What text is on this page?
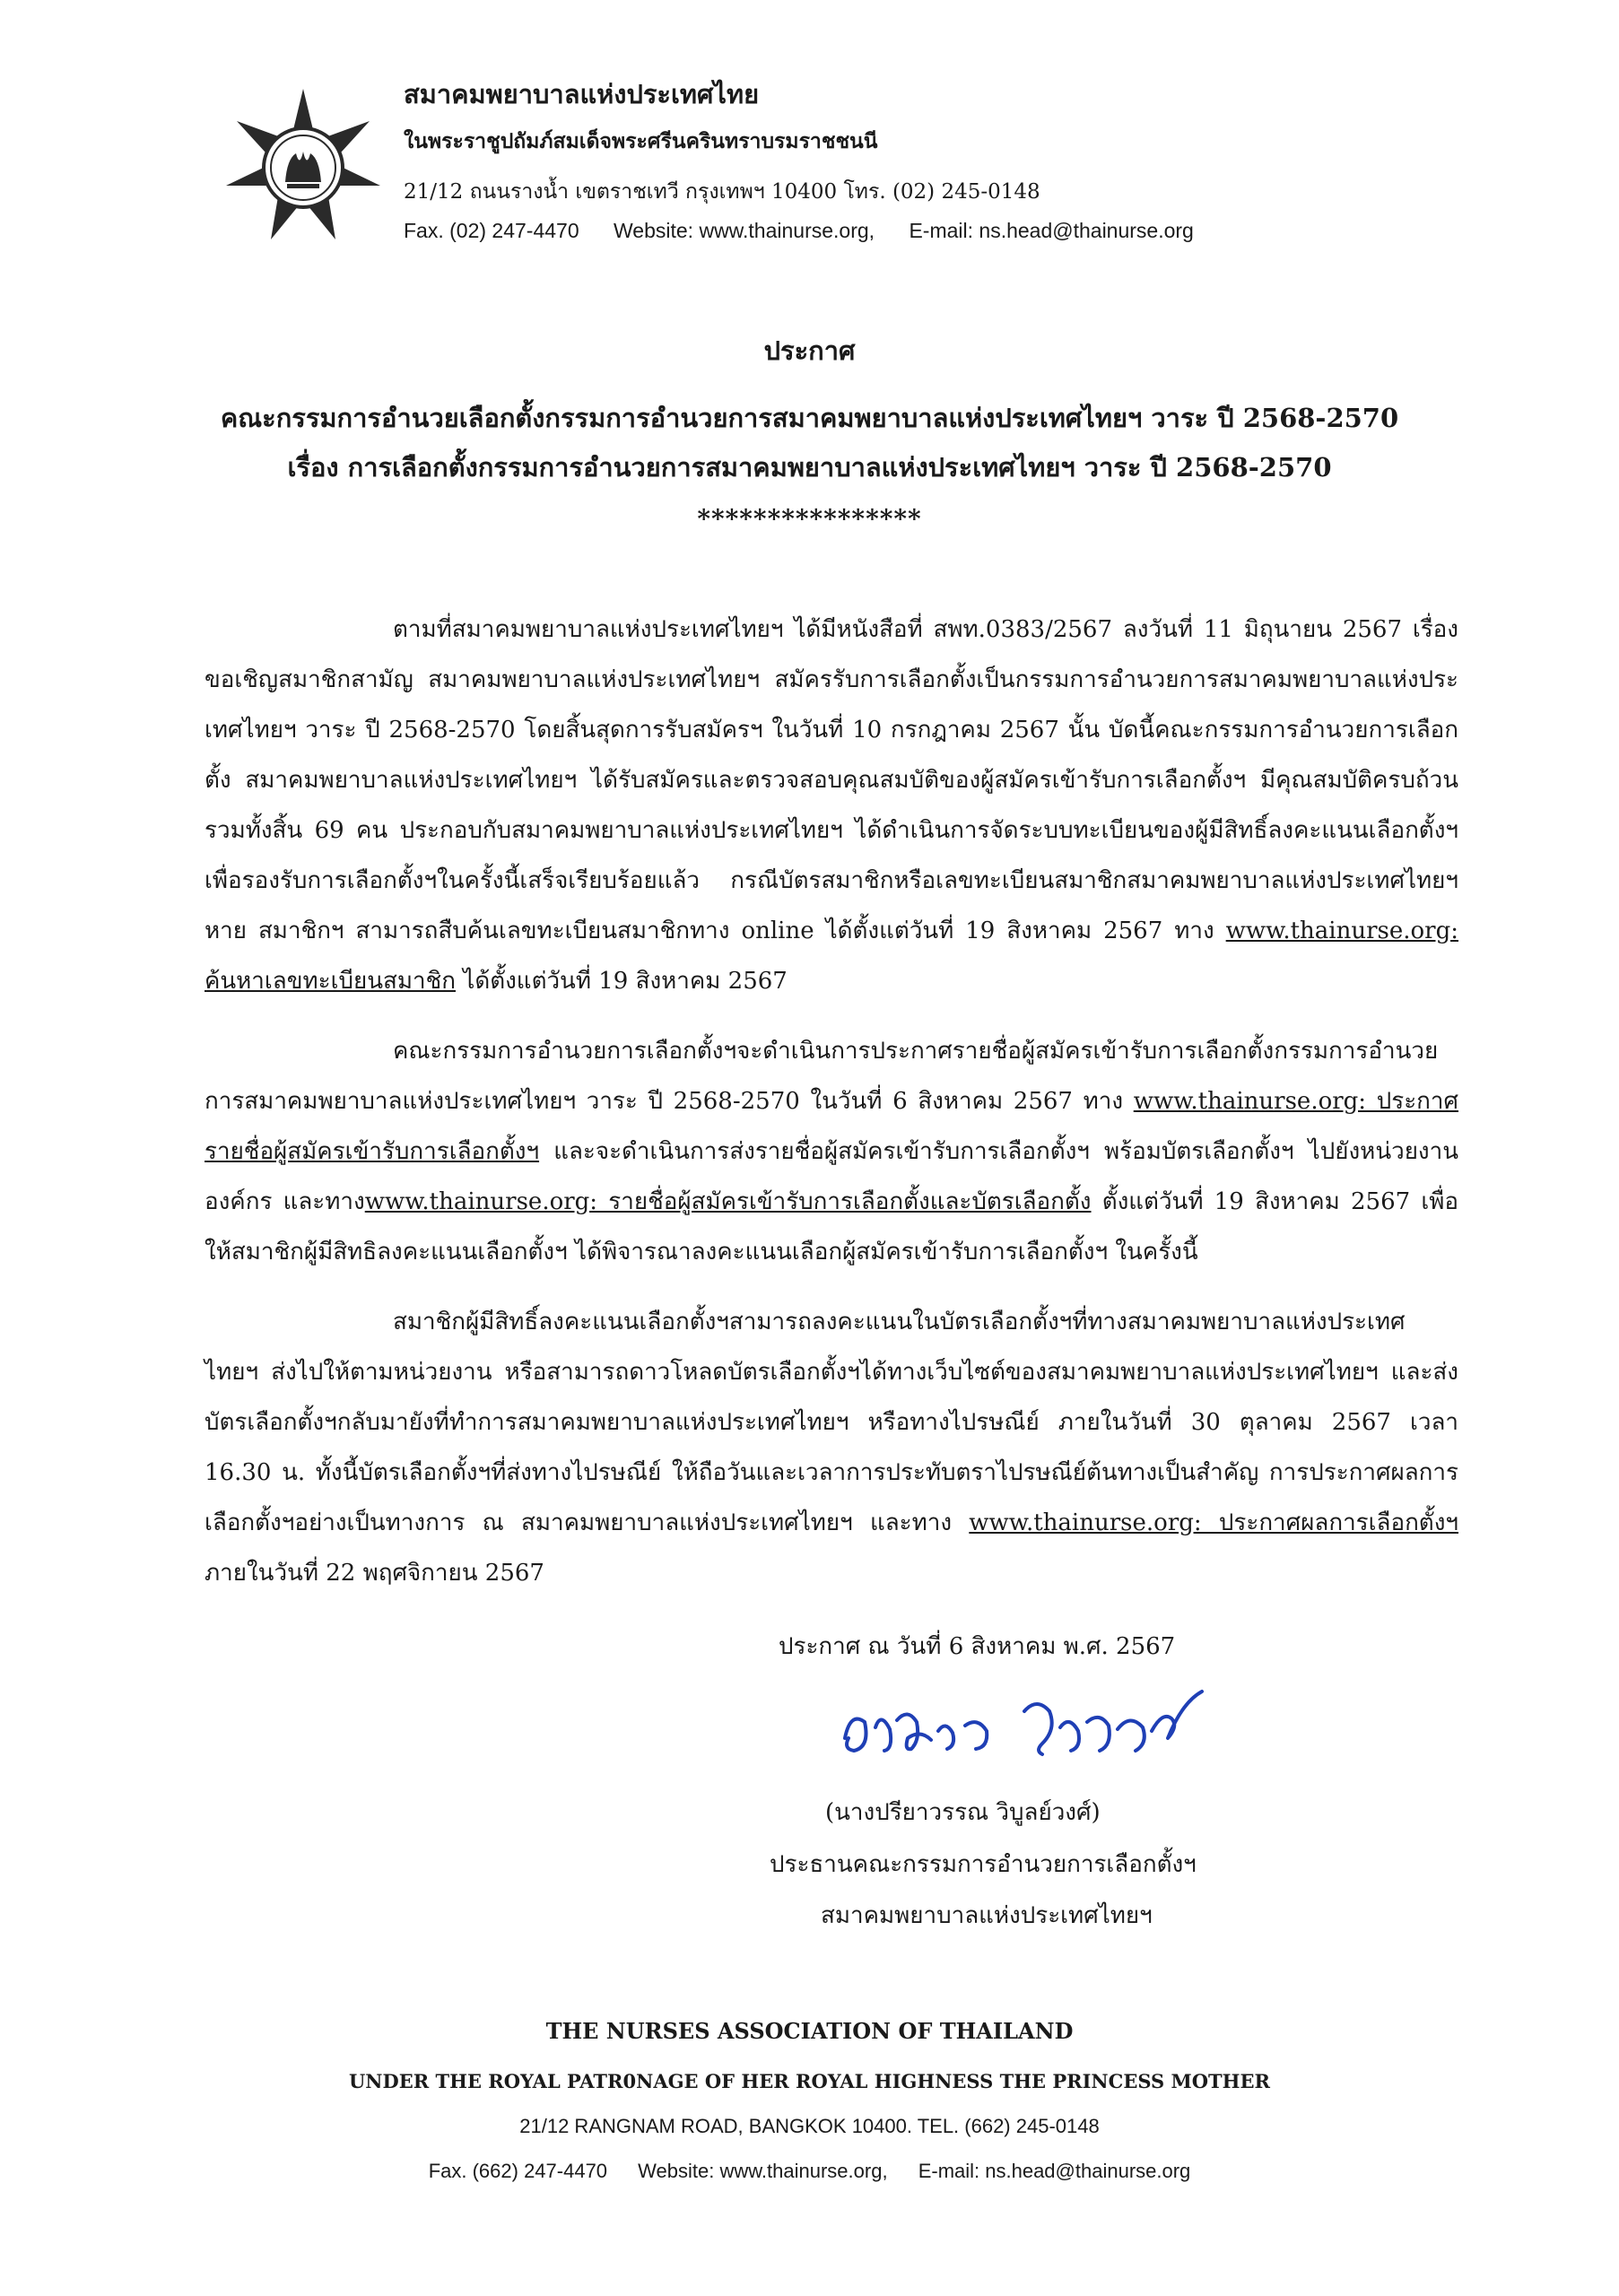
สมาคมพยาบาลแห่งประเทศไทย
ในพระราชูปถัมภ์สมเด็จพระศรีนครินทราบรมราชชนนี
21/12 ถนนรางน้ำ เขตราชเทวี กรุงเทพฯ 10400 โทร. (02) 245-0148
Fax. (02) 247-4470 Website: www.thainurse.org, E-mail: ns.head@thainurse.org
ประกาศ
คณะกรรมการอำนวยเลือกตั้งกรรมการอำนวยการสมาคมพยาบาลแห่งประเทศไทยฯ วาระ ปี 2568-2570
เรื่อง การเลือกตั้งกรรมการอำนวยการสมาคมพยาบาลแห่งประเทศไทยฯ วาระ ปี 2568-2570
****************

ตามที่สมาคมพยาบาลแห่งประเทศไทยฯ ได้มีหนังสือที่ สพท.0383/2567 ลงวันที่ 11 มิถุนายน 2567 เรื่อง ขอเชิญสมาชิกสามัญ สมาคมพยาบาลแห่งประเทศไทยฯ สมัครรับการเลือกตั้งเป็นกรรมการอำนวยการสมาคมพยาบาลแห่งประเทศไทยฯ วาระ ปี 2568-2570 โดยสิ้นสุดการรับสมัครฯ ในวันที่ 10 กรกฎาคม 2567 นั้น บัดนี้คณะกรรมการอำนวยการเลือกตั้ง สมาคมพยาบาลแห่งประเทศไทยฯ ได้รับสมัครและตรวจสอบคุณสมบัติของผู้สมัครเข้ารับการเลือกตั้งฯ มีคุณสมบัติครบถ้วน รวมทั้งสิ้น 69 คน ประกอบกับสมาคมพยาบาลแห่งประเทศไทยฯ ได้ดำเนินการจัดระบบทะเบียนของผู้มีสิทธิ์ลงคะแนนเลือกตั้งฯ เพื่อรองรับการเลือกตั้งฯในครั้งนี้เสร็จเรียบร้อยแล้ว กรณีบัตรสมาชิกหรือเลขทะเบียนสมาชิกสมาคมพยาบาลแห่งประเทศไทยฯ หาย สมาชิกฯ สามารถสืบค้นเลขทะเบียนสมาชิกทาง online ได้ตั้งแต่วันที่ 19 สิงหาคม 2567 ทาง www.thainurse.org: ค้นหาเลขทะเบียนสมาชิก ได้ตั้งแต่วันที่ 19 สิงหาคม 2567

คณะกรรมการอำนวยการเลือกตั้งฯจะดำเนินการประกาศรายชื่อผู้สมัครเข้ารับการเลือกตั้งกรรมการอำนวยการสมาคมพยาบาลแห่งประเทศไทยฯ วาระ ปี 2568-2570 ในวันที่ 6 สิงหาคม 2567 ทาง www.thainurse.org: ประกาศรายชื่อผู้สมัครเข้ารับการเลือกตั้งฯ และจะดำเนินการส่งรายชื่อผู้สมัครเข้ารับการเลือกตั้งฯ พร้อมบัตรเลือกตั้งฯ ไปยังหน่วยงาน องค์กร และทางwww.thainurse.org: รายชื่อผู้สมัครเข้ารับการเลือกตั้งและบัตรเลือกตั้ง ตั้งแต่วันที่ 19 สิงหาคม 2567 เพื่อให้สมาชิกผู้มีสิทธิลงคะแนนเลือกตั้งฯ ได้พิจารณาลงคะแนนเลือกผู้สมัครเข้ารับการเลือกตั้งฯ ในครั้งนี้

สมาชิกผู้มีสิทธิ์ลงคะแนนเลือกตั้งฯสามารถลงคะแนนในบัตรเลือกตั้งฯที่ทางสมาคมพยาบาลแห่งประเทศไทยฯ ส่งไปให้ตามหน่วยงาน หรือสามารถดาวโหลดบัตรเลือกตั้งฯได้ทางเว็บไซต์ของสมาคมพยาบาลแห่งประเทศไทยฯ และส่งบัตรเลือกตั้งฯกลับมายังที่ทำการสมาคมพยาบาลแห่งประเทศไทยฯ หรือทางไปรษณีย์ ภายในวันที่ 30 ตุลาคม 2567 เวลา 16.30 น. ทั้งนี้บัตรเลือกตั้งฯที่ส่งทางไปรษณีย์ ให้ถือวันและเวลาการประทับตราไปรษณีย์ต้นทางเป็นสำคัญ การประกาศผลการเลือกตั้งฯอย่างเป็นทางการ ณ สมาคมพยาบาลแห่งประเทศไทยฯ และทาง www.thainurse.org: ประกาศผลการเลือกตั้งฯ ภายในวันที่ 22 พฤศจิกายน 2567

ประกาศ ณ วันที่ 6 สิงหาคม พ.ศ. 2567
(นางปรียาวรรณ วิบูลย์วงศ์)
ประธานคณะกรรมการอำนวยการเลือกตั้งฯ
สมาคมพยาบาลแห่งประเทศไทยฯ
THE NURSES ASSOCIATION OF THAILAND
UNDER THE ROYAL PATR0NAGE OF HER ROYAL HIGHNESS THE PRINCESS MOTHER
21/12 RANGNAM ROAD, BANGKOK 10400. TEL. (662) 245-0148
Fax. (662) 247-4470 Website: www.thainurse.org, E-mail: ns.head@thainurse.org
